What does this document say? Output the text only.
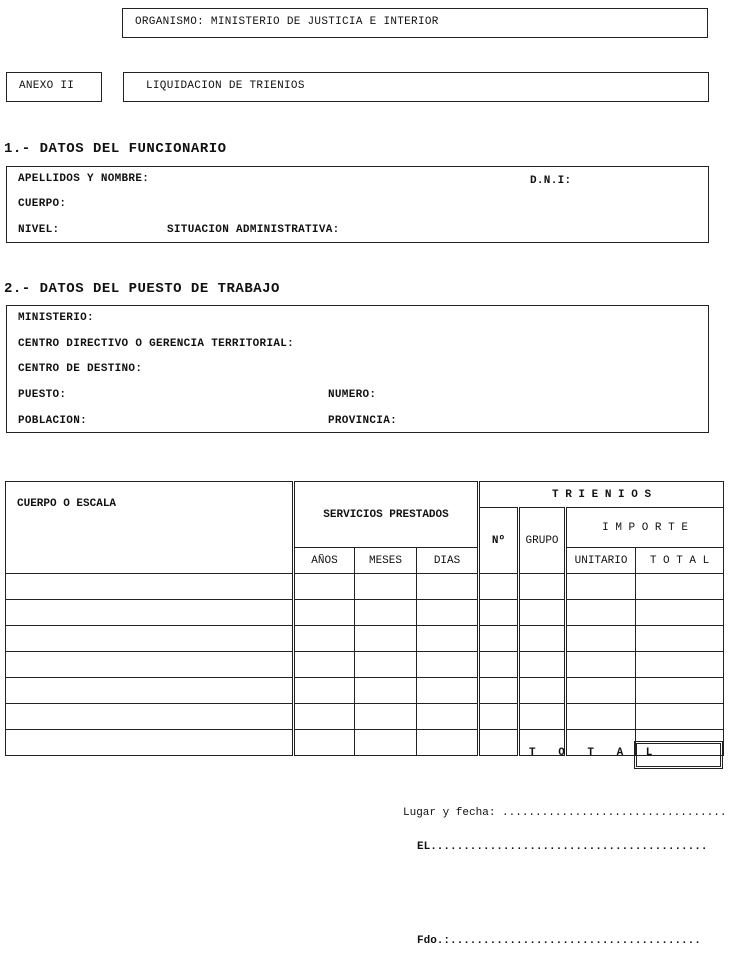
ORGANISMO: MINISTERIO DE JUSTICIA E INTERIOR
ANEXO II	LIQUIDACION DE TRIENIOS
1.- DATOS DEL FUNCIONARIO
APELLIDOS Y NOMBRE:	D.N.I:
CUERPO:
NIVEL:	SITUACION ADMINISTRATIVA:
2.- DATOS DEL PUESTO DE TRABAJO
MINISTERIO:
CENTRO DIRECTIVO O GERENCIA TERRITORIAL:
CENTRO DE DESTINO:
PUESTO:	NUMERO:
POBLACION:	PROVINCIA:
CUERPO O ESCALA	SERVICIOS PRESTADOS			T R I E N I O S			
				Nº	GRUPO	I M P O R T E	
	AÑOS	MESES	DIAS			UNITARIO	T O T A L

T O T A L
Lugar y fecha: ..................................
EL..........................................
Fdo.:......................................
